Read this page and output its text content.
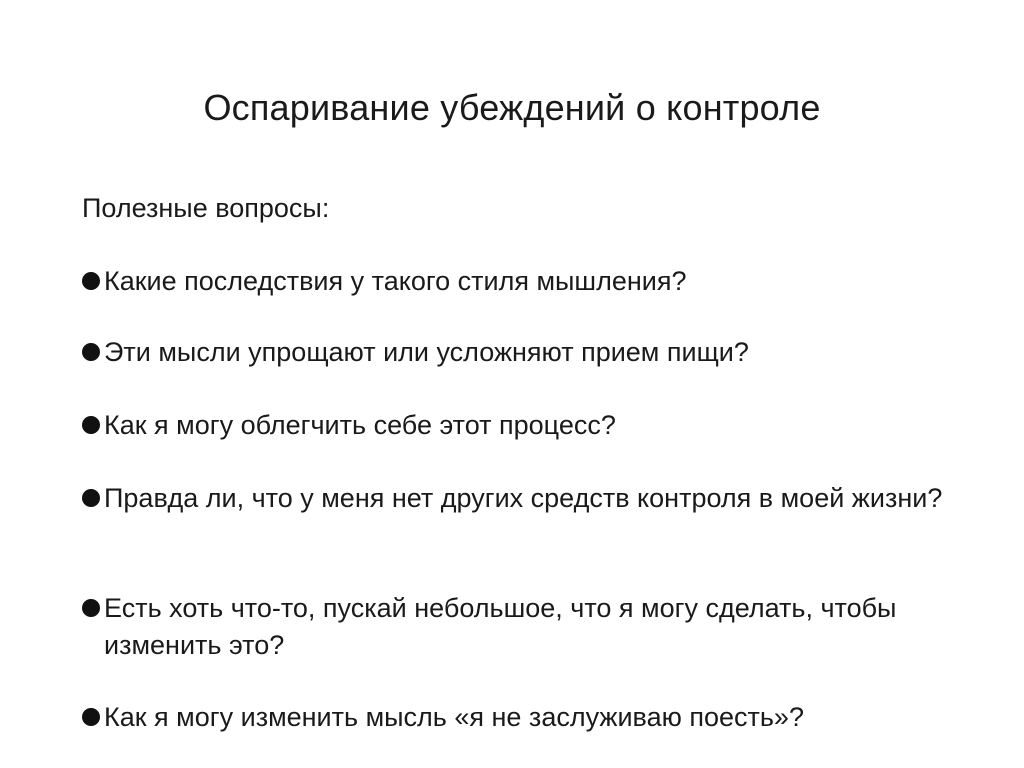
Оспаривание убеждений о контроле
Полезные вопросы:
Какие последствия у такого стиля мышления?
Эти мысли упрощают или усложняют прием пищи?
Как я могу облегчить себе этот процесс?
Правда ли, что у меня нет других средств контроля в моей жизни?
Есть хоть что-то, пускай небольшое, что я могу сделать, чтобы изменить это?
Как я могу изменить мысль «я не заслуживаю поесть»?
